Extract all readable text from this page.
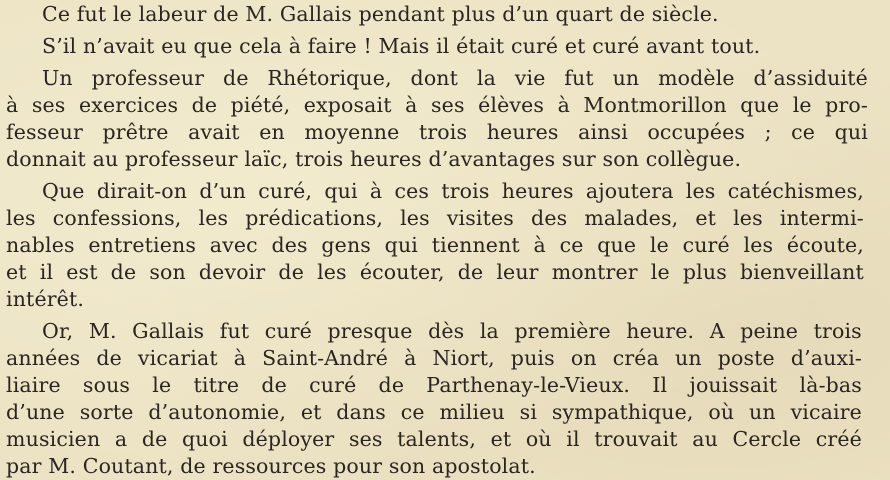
Ce fut le labeur de M. Gallais pendant plus d’un quart de siècle.
S’il n’avait eu que cela à faire ! Mais il était curé et curé avant tout.
Un professeur de Rhétorique, dont la vie fut un modèle d’assiduité
à ses exercices de piété, exposait à ses élèves à Montmorillon que le pro-
fesseur prêtre avait en moyenne trois heures ainsi occupées ; ce qui
donnait au professeur laïc, trois heures d’avantages sur son collègue.
Que dirait-on d’un curé, qui à ces trois heures ajoutera les catéchismes,
les confessions, les prédications, les visites des malades, et les intermi-
nables entretiens avec des gens qui tiennent à ce que le curé les écoute,
et il est de son devoir de les écouter, de leur montrer le plus bienveillant
intérêt.
Or, M. Gallais fut curé presque dès la première heure. A peine trois
années de vicariat à Saint-André à Niort, puis on créa un poste d’auxi-
liaire sous le titre de curé de Parthenay-le-Vieux. Il jouissait là-bas
d’une sorte d’autonomie, et dans ce milieu si sympathique, où un vicaire
musicien a de quoi déployer ses talents, et où il trouvait au Cercle créé
par M. Coutant, de ressources pour son apostolat.
